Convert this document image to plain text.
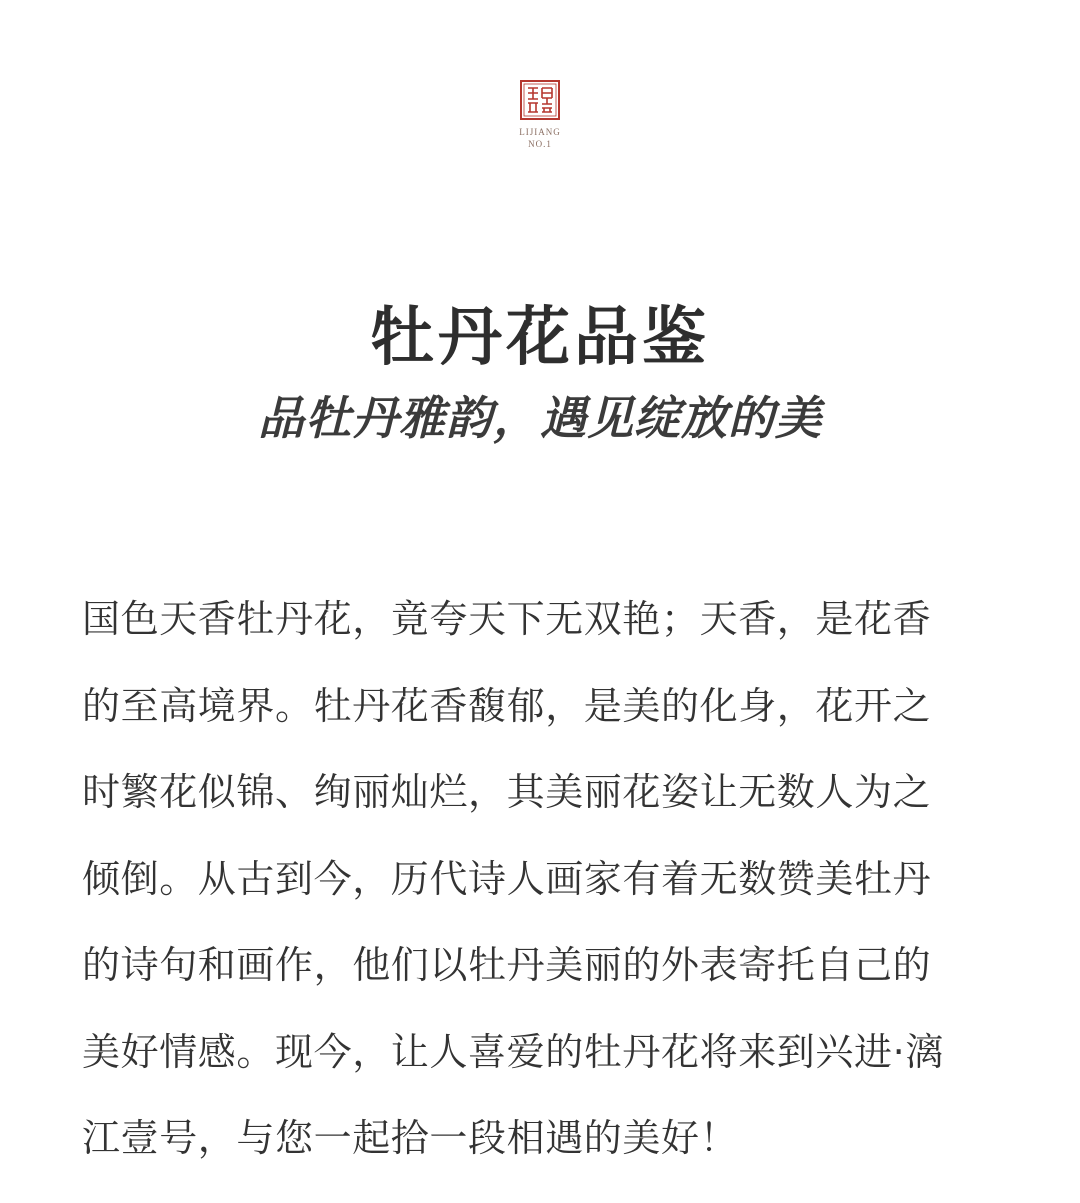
LIJIANG
NO.1
牡丹花品鉴
品牡丹雅韵，遇见绽放的美
国色天香牡丹花，竟夸天下无双艳；天香，是花香
的至高境界。牡丹花香馥郁，是美的化身，花开之
时繁花似锦、绚丽灿烂，其美丽花姿让无数人为之
倾倒。从古到今，历代诗人画家有着无数赞美牡丹
的诗句和画作，他们以牡丹美丽的外表寄托自己的
美好情感。现今，让人喜爱的牡丹花将来到兴进·漓
江壹号，与您一起拾一段相遇的美好！
